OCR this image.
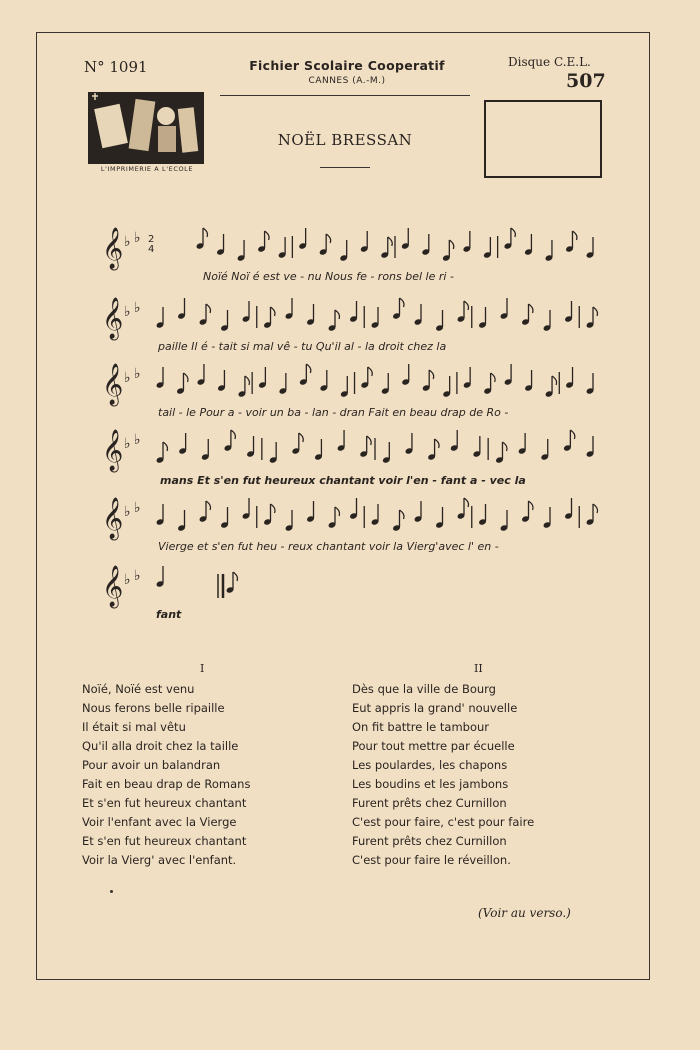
N° 1091	Fichier Scolaire Cooperatif
CANNES (A.-M.)
Disque C.E.L.
507
L'IMPRIMERIE A L'ECOLE
NOËL BRESSAN
𝄞 ♭ ♭ 2
4
𝄞 ♭ ♭
𝄞 ♭ ♭
𝄞 ♭ ♭
𝄞 ♭ ♭
𝄞 ♭ ♭
Noïé Noï é est ve - nu Nous fe - rons bel le ri -
paille Il é - tait si mal vê - tu Qu'il al - la droit chez la
tail - le Pour a - voir un ba - lan - dran Fait en beau drap de Ro -
mans Et s'en fut heureux chantant voir l'en - fant a - vec la
Vierge et s'en fut heu - reux chantant voir la Vierg'avec l' en -
fant
I	II
Noïé, Noïé est venu
Nous ferons belle ripaille
Il était si mal vêtu
Qu'il alla droit chez la taille
Pour avoir un balandran
Fait en beau drap de Romans
Et s'en fut heureux chantant
Voir l'enfant avec la Vierge
Et s'en fut heureux chantant
Voir la Vierg' avec l'enfant.
Dès que la ville de Bourg
Eut appris la grand' nouvelle
On fit battre le tambour
Pour tout mettre par écuelle
Les poulardes, les chapons
Les boudins et les jambons
Furent prêts chez Curnillon
C'est pour faire, c'est pour faire
Furent prêts chez Curnillon
C'est pour faire le réveillon.
(Voir au verso.)
